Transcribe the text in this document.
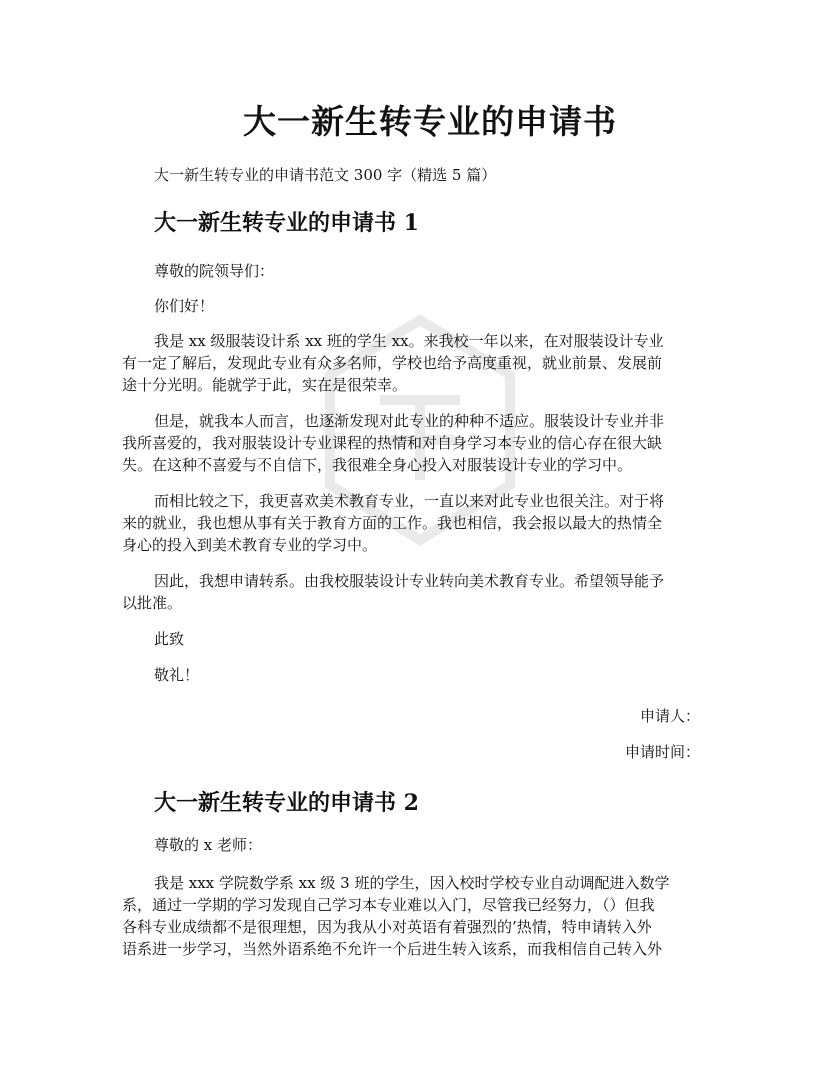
大一新生转专业的申请书
大一新生转专业的申请书范文 300 字（精选 5 篇）
大一新生转专业的申请书 1
尊敬的院领导们：
你们好！
我是 xx 级服装设计系 xx 班的学生 xx。来我校一年以来，在对服装设计专业
有一定了解后，发现此专业有众多名师，学校也给予高度重视，就业前景、发展前
途十分光明。能就学于此，实在是很荣幸。
但是，就我本人而言，也逐渐发现对此专业的种种不适应。服装设计专业并非
我所喜爱的，我对服装设计专业课程的热情和对自身学习本专业的信心存在很大缺
失。在这种不喜爱与不自信下，我很难全身心投入对服装设计专业的学习中。
而相比较之下，我更喜欢美术教育专业，一直以来对此专业也很关注。对于将
来的就业，我也想从事有关于教育方面的工作。我也相信，我会报以最大的热情全
身心的投入到美术教育专业的学习中。
因此，我想申请转系。由我校服装设计专业转向美术教育专业。希望领导能予
以批准。
此致
敬礼！
申请人：
申请时间：
大一新生转专业的申请书 2
尊敬的 x 老师：
我是 xxx 学院数学系 xx 级 3 班的学生，因入校时学校专业自动调配进入数学
系，通过一学期的学习发现自己学习本专业难以入门，尽管我已经努力，（）但我
各科专业成绩都不是很理想，因为我从小对英语有着强烈的’热情，特申请转入外
语系进一步学习，当然外语系绝不允许一个后进生转入该系，而我相信自己转入外
